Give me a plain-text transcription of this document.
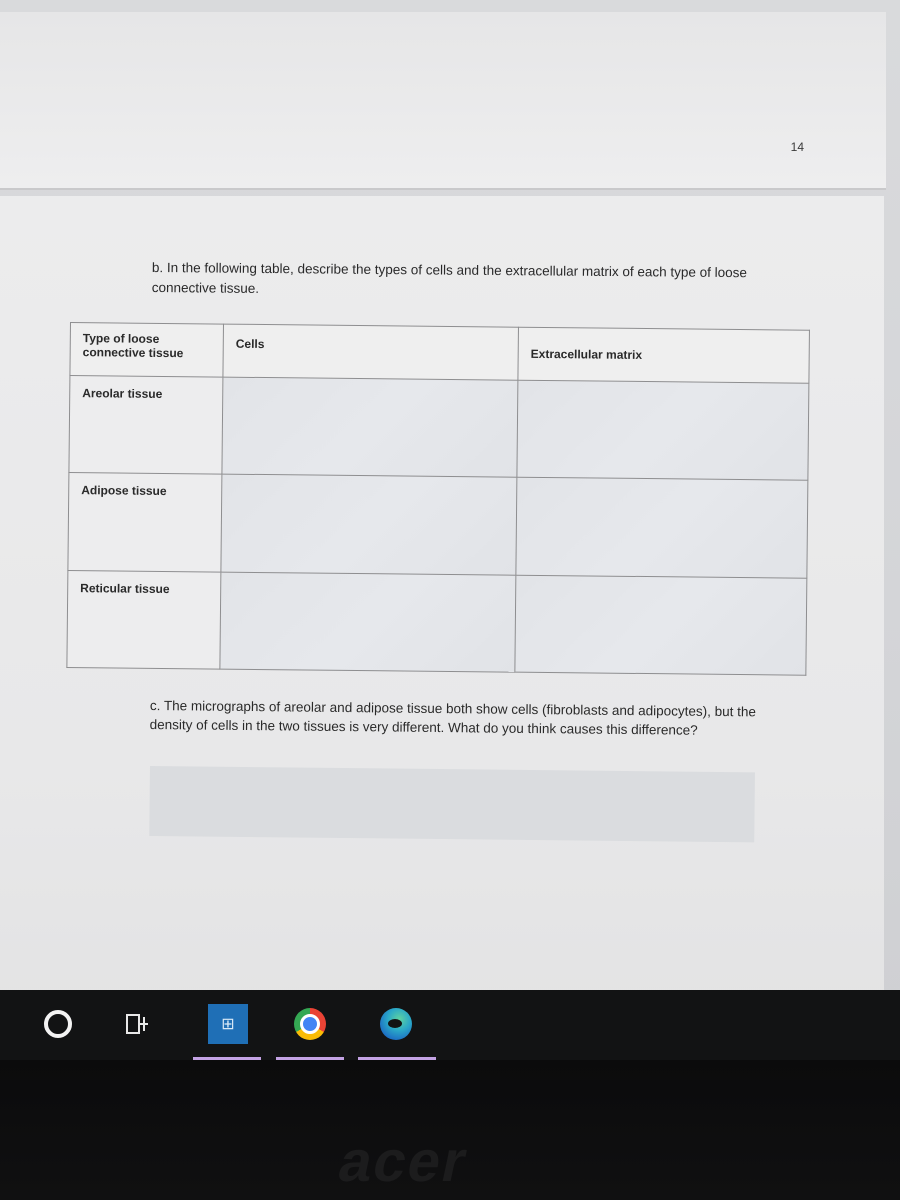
14

b. In the following table, describe the types of cells and the extracellular matrix of each type of loose connective tissue.

Type of loose connective tissue	Cells	Extracellular matrix
Areolar tissue		
Adipose tissue		
Reticular tissue		

c. The micrographs of areolar and adipose tissue both show cells (fibroblasts and adipocytes), but the density of cells in the two tissues is very different. What do you think causes this difference?

⊞
acer
